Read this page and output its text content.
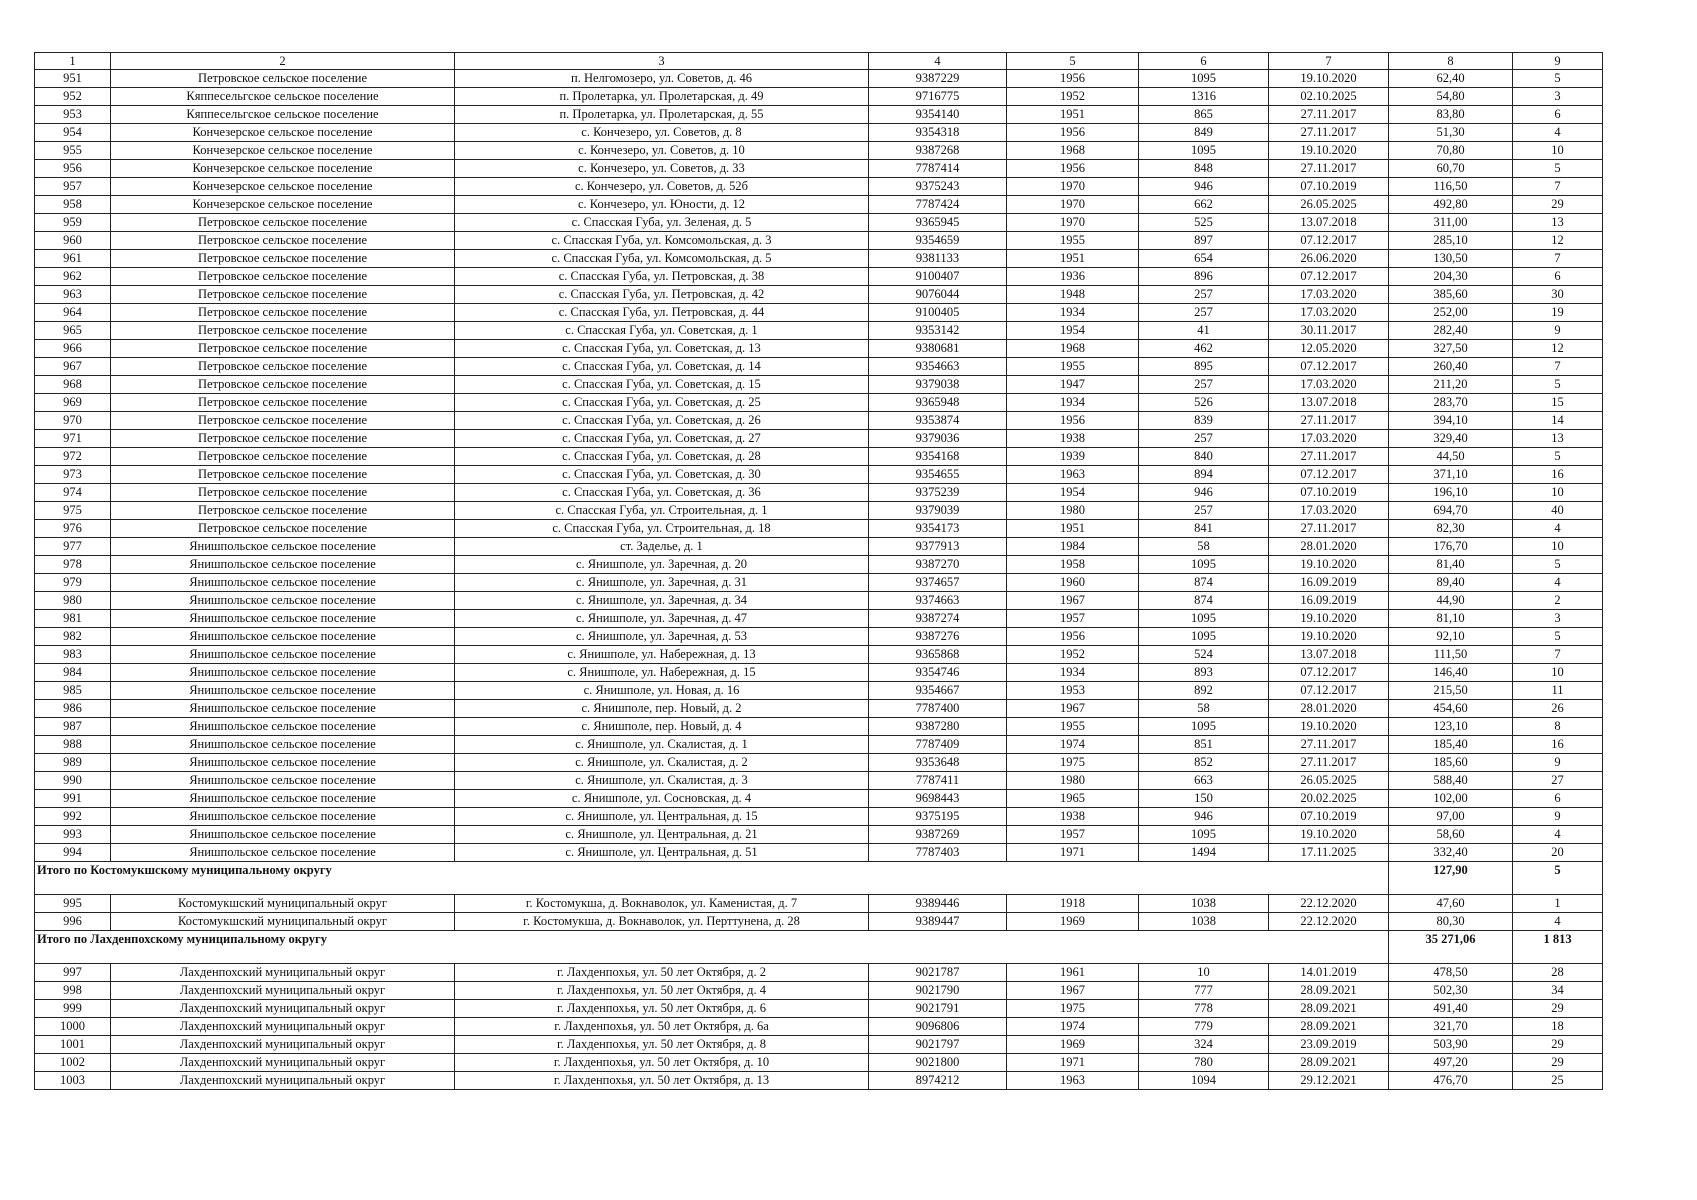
1	2	3	4	5	6	7	8	9
951	Петровское сельское поселение	п. Нелгомозеро, ул. Советов, д. 46	9387229	1956	1095	19.10.2020	62,40	5
952	Кяппесельгское сельское поселение	п. Пролетарка, ул. Пролетарская, д. 49	9716775	1952	1316	02.10.2025	54,80	3
953	Кяппесельгское сельское поселение	п. Пролетарка, ул. Пролетарская, д. 55	9354140	1951	865	27.11.2017	83,80	6
954	Кончезерское сельское поселение	с. Кончезеро, ул. Советов, д. 8	9354318	1956	849	27.11.2017	51,30	4
955	Кончезерское сельское поселение	с. Кончезеро, ул. Советов, д. 10	9387268	1968	1095	19.10.2020	70,80	10
956	Кончезерское сельское поселение	с. Кончезеро, ул. Советов, д. 33	7787414	1956	848	27.11.2017	60,70	5
957	Кончезерское сельское поселение	с. Кончезеро, ул. Советов, д. 52б	9375243	1970	946	07.10.2019	116,50	7
958	Кончезерское сельское поселение	с. Кончезеро, ул. Юности, д. 12	7787424	1970	662	26.05.2025	492,80	29
959	Петровское сельское поселение	с. Спасская Губа, ул. Зеленая, д. 5	9365945	1970	525	13.07.2018	311,00	13
960	Петровское сельское поселение	с. Спасская Губа, ул. Комсомольская, д. 3	9354659	1955	897	07.12.2017	285,10	12
961	Петровское сельское поселение	с. Спасская Губа, ул. Комсомольская, д. 5	9381133	1951	654	26.06.2020	130,50	7
962	Петровское сельское поселение	с. Спасская Губа, ул. Петровская, д. 38	9100407	1936	896	07.12.2017	204,30	6
963	Петровское сельское поселение	с. Спасская Губа, ул. Петровская, д. 42	9076044	1948	257	17.03.2020	385,60	30
964	Петровское сельское поселение	с. Спасская Губа, ул. Петровская, д. 44	9100405	1934	257	17.03.2020	252,00	19
965	Петровское сельское поселение	с. Спасская Губа, ул. Советская, д. 1	9353142	1954	41	30.11.2017	282,40	9
966	Петровское сельское поселение	с. Спасская Губа, ул. Советская, д. 13	9380681	1968	462	12.05.2020	327,50	12
967	Петровское сельское поселение	с. Спасская Губа, ул. Советская, д. 14	9354663	1955	895	07.12.2017	260,40	7
968	Петровское сельское поселение	с. Спасская Губа, ул. Советская, д. 15	9379038	1947	257	17.03.2020	211,20	5
969	Петровское сельское поселение	с. Спасская Губа, ул. Советская, д. 25	9365948	1934	526	13.07.2018	283,70	15
970	Петровское сельское поселение	с. Спасская Губа, ул. Советская, д. 26	9353874	1956	839	27.11.2017	394,10	14
971	Петровское сельское поселение	с. Спасская Губа, ул. Советская, д. 27	9379036	1938	257	17.03.2020	329,40	13
972	Петровское сельское поселение	с. Спасская Губа, ул. Советская, д. 28	9354168	1939	840	27.11.2017	44,50	5
973	Петровское сельское поселение	с. Спасская Губа, ул. Советская, д. 30	9354655	1963	894	07.12.2017	371,10	16
974	Петровское сельское поселение	с. Спасская Губа, ул. Советская, д. 36	9375239	1954	946	07.10.2019	196,10	10
975	Петровское сельское поселение	с. Спасская Губа, ул. Строительная, д. 1	9379039	1980	257	17.03.2020	694,70	40
976	Петровское сельское поселение	с. Спасская Губа, ул. Строительная, д. 18	9354173	1951	841	27.11.2017	82,30	4
977	Янишпольское сельское поселение	ст. Заделье, д. 1	9377913	1984	58	28.01.2020	176,70	10
978	Янишпольское сельское поселение	с. Янишполе, ул. Заречная, д. 20	9387270	1958	1095	19.10.2020	81,40	5
979	Янишпольское сельское поселение	с. Янишполе, ул. Заречная, д. 31	9374657	1960	874	16.09.2019	89,40	4
980	Янишпольское сельское поселение	с. Янишполе, ул. Заречная, д. 34	9374663	1967	874	16.09.2019	44,90	2
981	Янишпольское сельское поселение	с. Янишполе, ул. Заречная, д. 47	9387274	1957	1095	19.10.2020	81,10	3
982	Янишпольское сельское поселение	с. Янишполе, ул. Заречная, д. 53	9387276	1956	1095	19.10.2020	92,10	5
983	Янишпольское сельское поселение	с. Янишполе, ул. Набережная, д. 13	9365868	1952	524	13.07.2018	111,50	7
984	Янишпольское сельское поселение	с. Янишполе, ул. Набережная, д. 15	9354746	1934	893	07.12.2017	146,40	10
985	Янишпольское сельское поселение	с. Янишполе, ул. Новая, д. 16	9354667	1953	892	07.12.2017	215,50	11
986	Янишпольское сельское поселение	с. Янишполе, пер. Новый, д. 2	7787400	1967	58	28.01.2020	454,60	26
987	Янишпольское сельское поселение	с. Янишполе, пер. Новый, д. 4	9387280	1955	1095	19.10.2020	123,10	8
988	Янишпольское сельское поселение	с. Янишполе, ул. Скалистая, д. 1	7787409	1974	851	27.11.2017	185,40	16
989	Янишпольское сельское поселение	с. Янишполе, ул. Скалистая, д. 2	9353648	1975	852	27.11.2017	185,60	9
990	Янишпольское сельское поселение	с. Янишполе, ул. Скалистая, д. 3	7787411	1980	663	26.05.2025	588,40	27
991	Янишпольское сельское поселение	с. Янишполе, ул. Сосновская, д. 4	9698443	1965	150	20.02.2025	102,00	6
992	Янишпольское сельское поселение	с. Янишполе, ул. Центральная, д. 15	9375195	1938	946	07.10.2019	97,00	9
993	Янишпольское сельское поселение	с. Янишполе, ул. Центральная, д. 21	9387269	1957	1095	19.10.2020	58,60	4
994	Янишпольское сельское поселение	с. Янишполе, ул. Центральная, д. 51	7787403	1971	1494	17.11.2025	332,40	20
Итого по Костомукшскому муниципальному округу							127,90	5
995	Костомукшский муниципальный округ	г. Костомукша, д. Вокнаволок, ул. Каменистая, д. 7	9389446	1918	1038	22.12.2020	47,60	1
996	Костомукшский муниципальный округ	г. Костомукша, д. Вокнаволок, ул. Перттунена, д. 28	9389447	1969	1038	22.12.2020	80,30	4
Итого по Лахденпохскому муниципальному округу							35 271,06	1 813
997	Лахденпохский муниципальный округ	г. Лахденпохья, ул. 50 лет Октября, д. 2	9021787	1961	10	14.01.2019	478,50	28
998	Лахденпохский муниципальный округ	г. Лахденпохья, ул. 50 лет Октября, д. 4	9021790	1967	777	28.09.2021	502,30	34
999	Лахденпохский муниципальный округ	г. Лахденпохья, ул. 50 лет Октября, д. 6	9021791	1975	778	28.09.2021	491,40	29
1000	Лахденпохский муниципальный округ	г. Лахденпохья, ул. 50 лет Октября, д. 6а	9096806	1974	779	28.09.2021	321,70	18
1001	Лахденпохский муниципальный округ	г. Лахденпохья, ул. 50 лет Октября, д. 8	9021797	1969	324	23.09.2019	503,90	29
1002	Лахденпохский муниципальный округ	г. Лахденпохья, ул. 50 лет Октября, д. 10	9021800	1971	780	28.09.2021	497,20	29
1003	Лахденпохский муниципальный округ	г. Лахденпохья, ул. 50 лет Октября, д. 13	8974212	1963	1094	29.12.2021	476,70	25
